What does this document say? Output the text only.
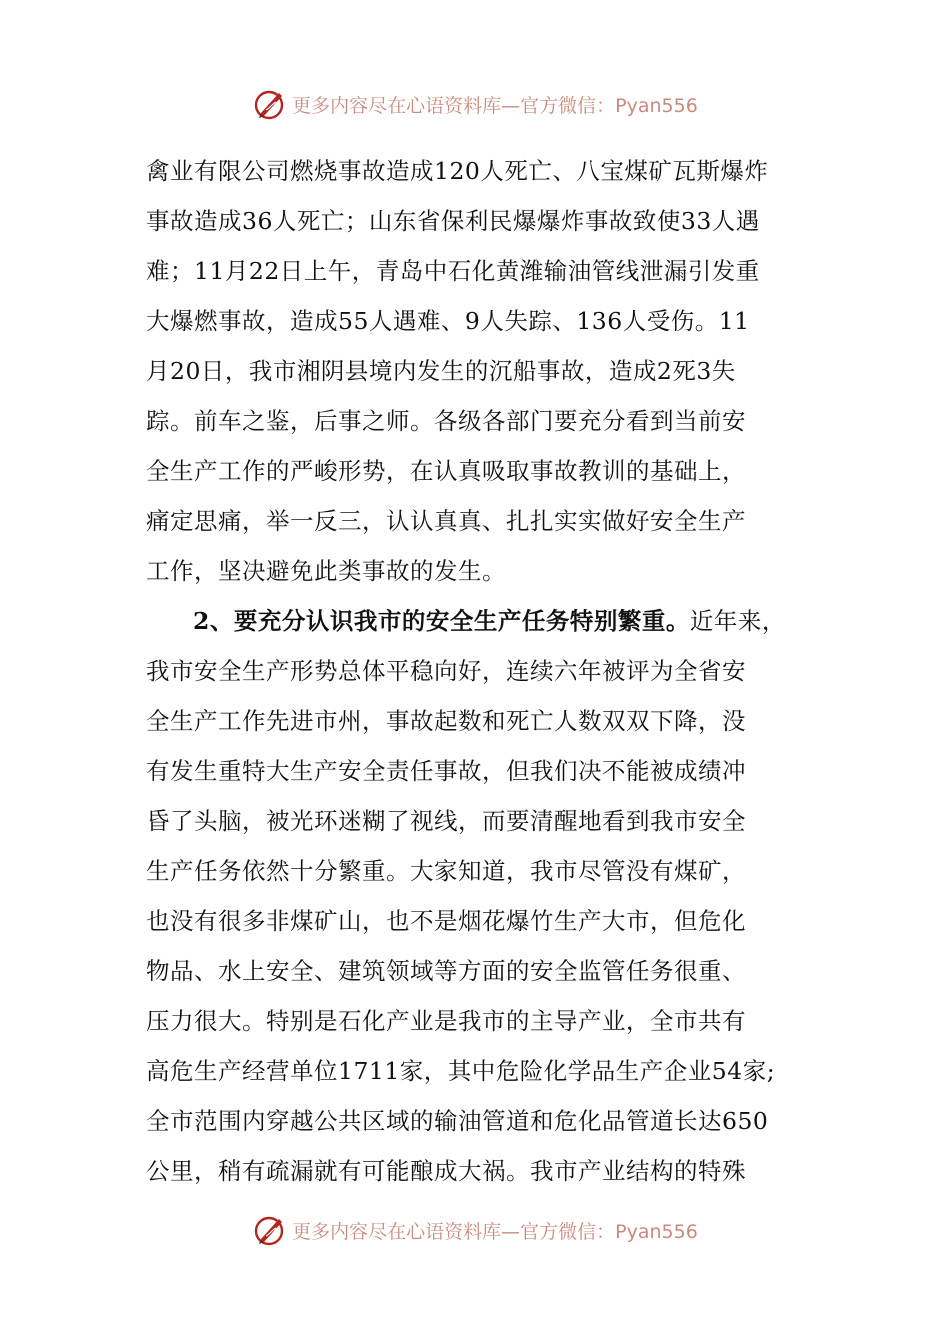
更多内容尽在心语资料库—官方微信：Pyan556
禽业有限公司燃烧事故造成120人死亡、八宝煤矿瓦斯爆炸
事故造成36人死亡；山东省保利民爆爆炸事故致使33人遇
难；11月22日上午，青岛中石化黄潍输油管线泄漏引发重
大爆燃事故，造成55人遇难、9人失踪、136人受伤。11
月20日，我市湘阴县境内发生的沉船事故，造成2死3失
踪。前车之鉴，后事之师。各级各部门要充分看到当前安
全生产工作的严峻形势，在认真吸取事故教训的基础上，
痛定思痛，举一反三，认认真真、扎扎实实做好安全生产
工作，坚决避免此类事故的发生。
2、要充分认识我市的安全生产任务特别繁重。近年来，
我市安全生产形势总体平稳向好，连续六年被评为全省安
全生产工作先进市州，事故起数和死亡人数双双下降，没
有发生重特大生产安全责任事故，但我们决不能被成绩冲
昏了头脑，被光环迷糊了视线，而要清醒地看到我市安全
生产任务依然十分繁重。大家知道，我市尽管没有煤矿，
也没有很多非煤矿山，也不是烟花爆竹生产大市，但危化
物品、水上安全、建筑领域等方面的安全监管任务很重、
压力很大。特别是石化产业是我市的主导产业，全市共有
高危生产经营单位1711家，其中危险化学品生产企业54家;
全市范围内穿越公共区域的输油管道和危化品管道长达650
公里，稍有疏漏就有可能酿成大祸。我市产业结构的特殊
更多内容尽在心语资料库—官方微信：Pyan556
